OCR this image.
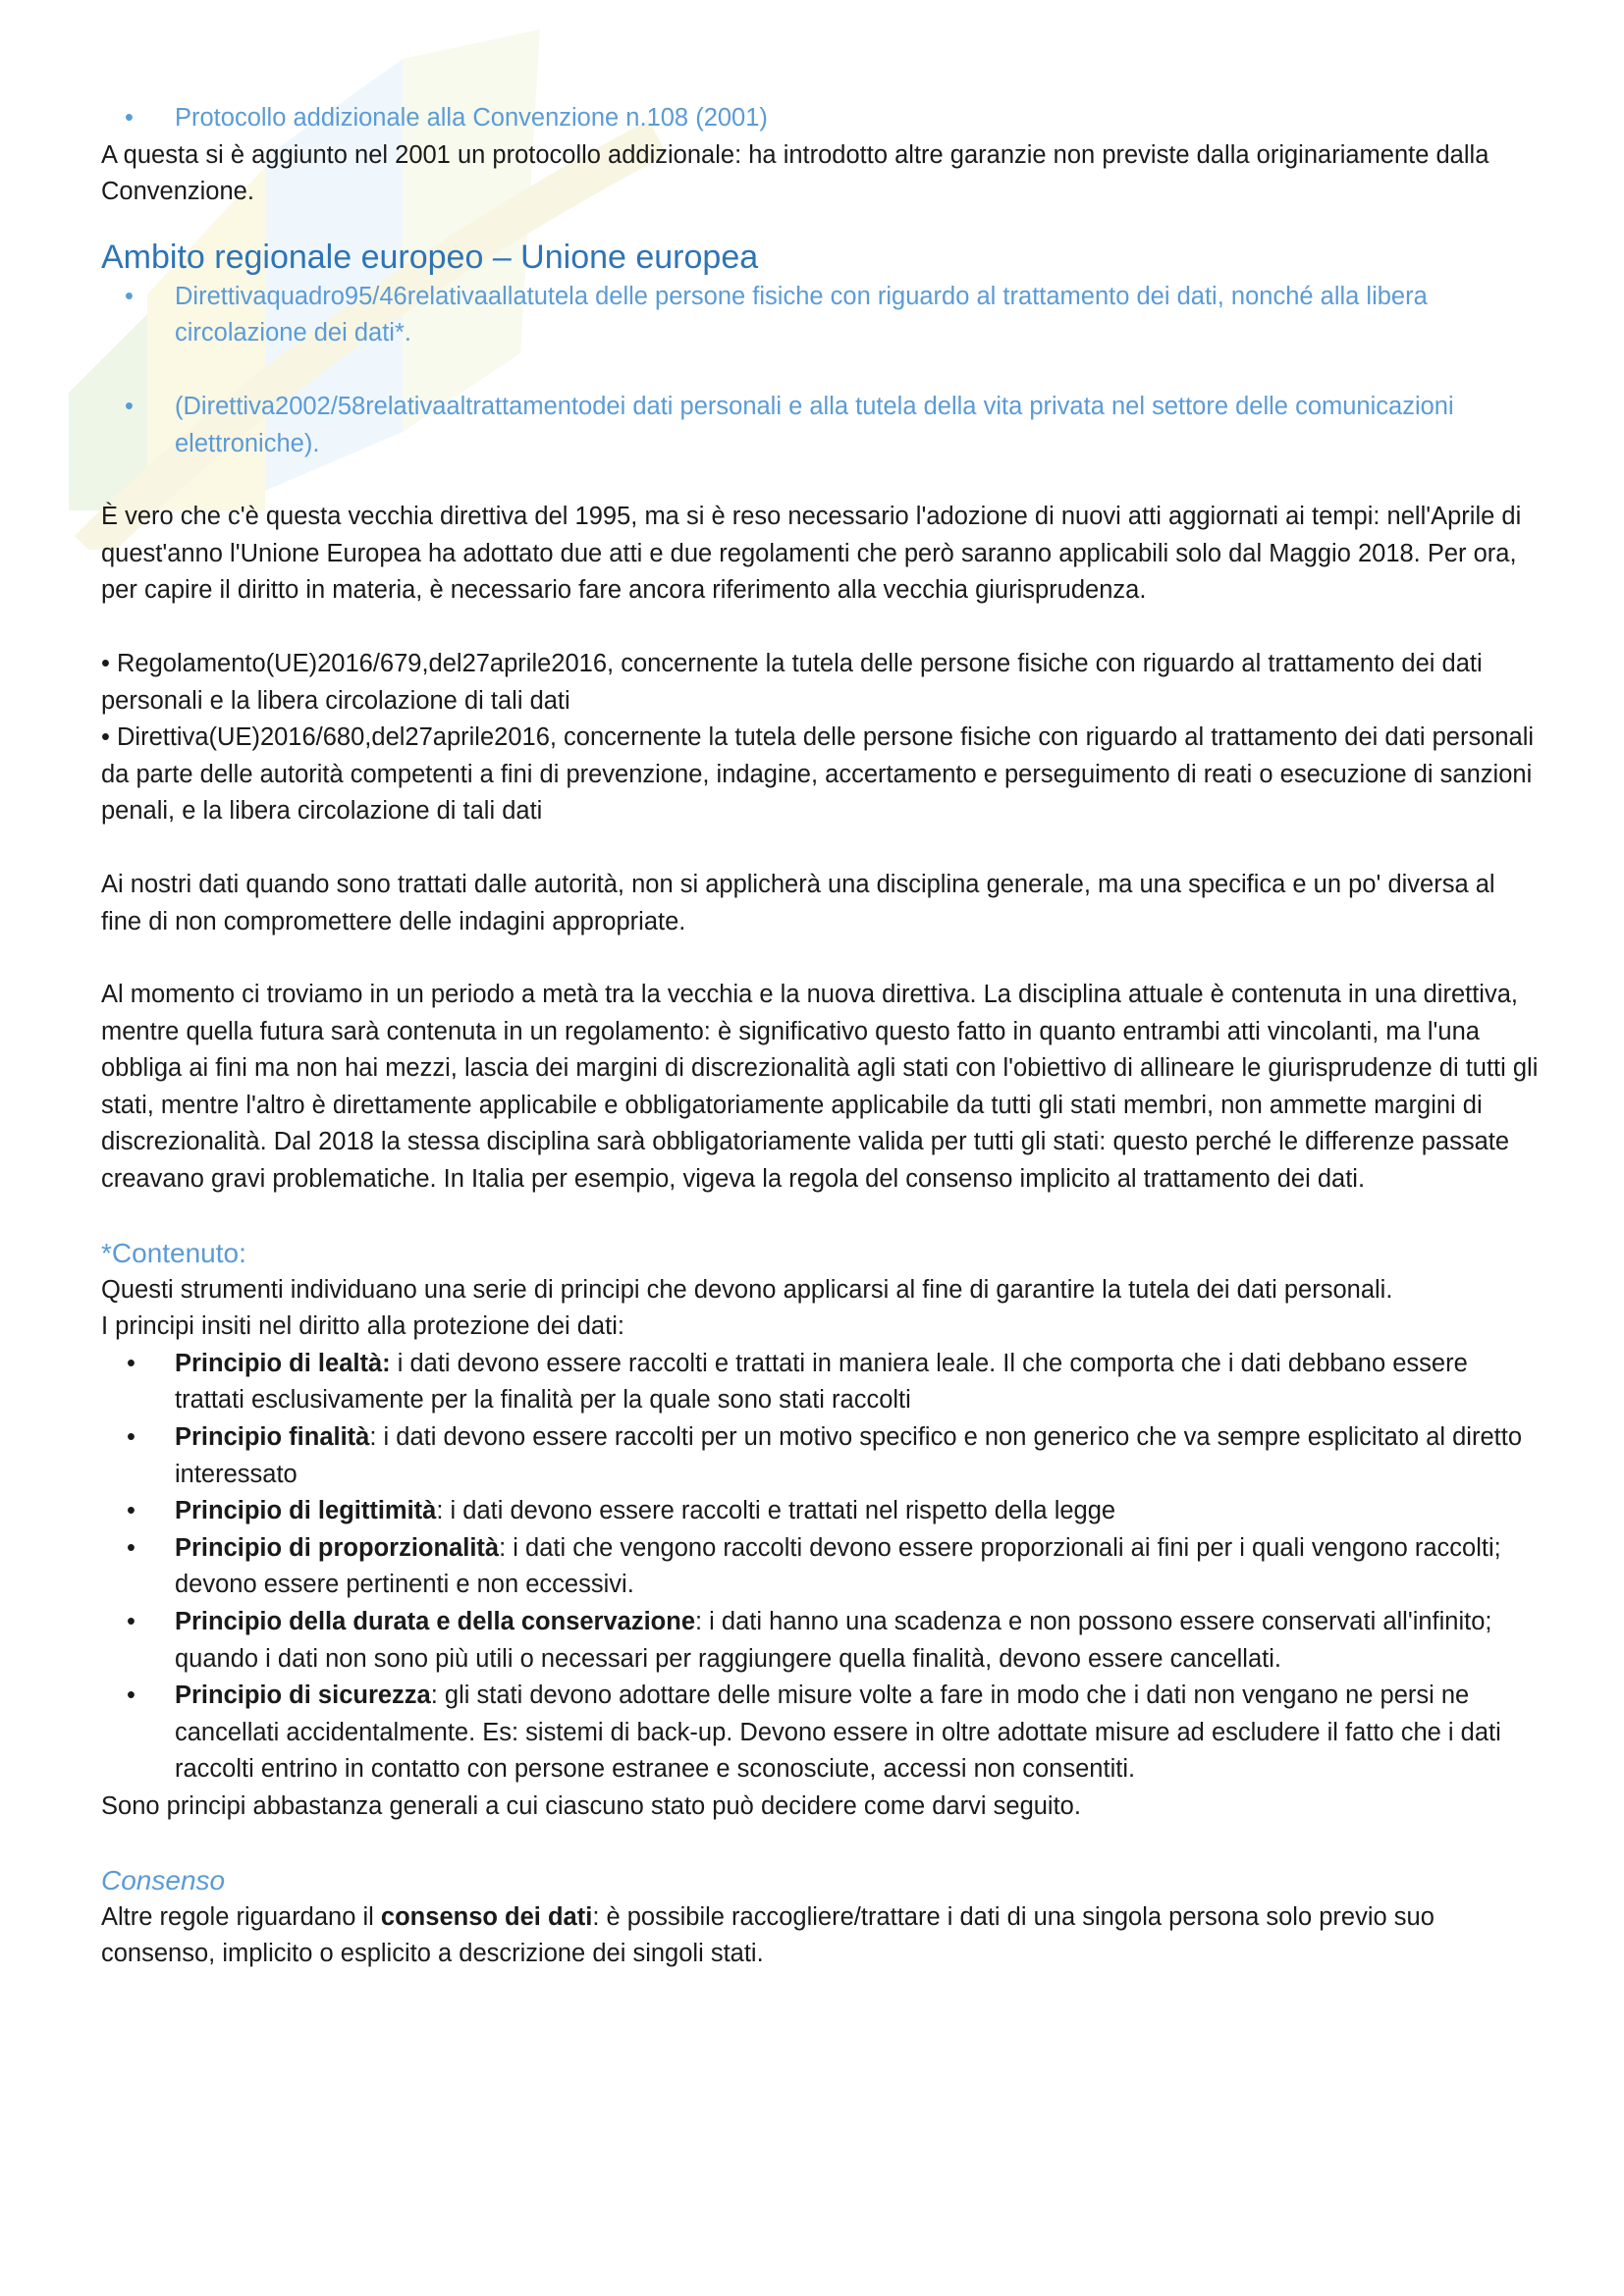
• Protocollo addizionale alla Convenzione n.108 (2001)

A questa si è aggiunto nel 2001 un protocollo addizionale: ha introdotto altre garanzie non previste dalla originariamente dalla Convenzione.

Ambito regionale europeo – Unione europea

• Direttivaquadro95/46relativaallatutela delle persone fisiche con riguardo al trattamento dei dati, nonché alla libera circolazione dei dati*.

• (Direttiva2002/58relativaaltrattamentodei dati personali e alla tutela della vita privata nel settore delle comunicazioni elettroniche).

È vero che c'è questa vecchia direttiva del 1995, ma si è reso necessario l'adozione di nuovi atti aggiornati ai tempi: nell'Aprile di quest'anno l'Unione Europea ha adottato due atti e due regolamenti che però saranno applicabili solo dal Maggio 2018. Per ora, per capire il diritto in materia, è necessario fare ancora riferimento alla vecchia giurisprudenza.

• Regolamento(UE)2016/679,del27aprile2016, concernente la tutela delle persone fisiche con riguardo al trattamento dei dati personali e la libera circolazione di tali dati

• Direttiva(UE)2016/680,del27aprile2016, concernente la tutela delle persone fisiche con riguardo al trattamento dei dati personali da parte delle autorità competenti a fini di prevenzione, indagine, accertamento e perseguimento di reati o esecuzione di sanzioni penali, e la libera circolazione di tali dati

Ai nostri dati quando sono trattati dalle autorità, non si applicherà una disciplina generale, ma una specifica e un po' diversa al fine di non compromettere delle indagini appropriate.

Al momento ci troviamo in un periodo a metà tra la vecchia e la nuova direttiva. La disciplina attuale è contenuta in una direttiva, mentre quella futura sarà contenuta in un regolamento: è significativo questo fatto in quanto entrambi atti vincolanti, ma l'una obbliga ai fini ma non hai mezzi, lascia dei margini di discrezionalità agli stati con l'obiettivo di allineare le giurisprudenze di tutti gli stati, mentre l'altro è direttamente applicabile e obbligatoriamente applicabile da tutti gli stati membri, non ammette margini di discrezionalità. Dal 2018 la stessa disciplina sarà obbligatoriamente valida per tutti gli stati: questo perché le differenze passate creavano gravi problematiche. In Italia per esempio, vigeva la regola del consenso implicito al trattamento dei dati.

*Contenuto:

Questi strumenti individuano una serie di principi che devono applicarsi al fine di garantire la tutela dei dati personali.

I principi insiti nel diritto alla protezione dei dati:

• Principio di lealtà: i dati devono essere raccolti e trattati in maniera leale. Il che comporta che i dati debbano essere trattati esclusivamente per la finalità per la quale sono stati raccolti

• Principio finalità: i dati devono essere raccolti per un motivo specifico e non generico che va sempre esplicitato al diretto interessato

• Principio di legittimità: i dati devono essere raccolti e trattati nel rispetto della legge

• Principio di proporzionalità: i dati che vengono raccolti devono essere proporzionali ai fini per i quali vengono raccolti; devono essere pertinenti e non eccessivi.

• Principio della durata e della conservazione: i dati hanno una scadenza e non possono essere conservati all'infinito; quando i dati non sono più utili o necessari per raggiungere quella finalità, devono essere cancellati.

• Principio di sicurezza: gli stati devono adottare delle misure volte a fare in modo che i dati non vengano ne persi ne cancellati accidentalmente. Es: sistemi di back-up. Devono essere in oltre adottate misure ad escludere il fatto che i dati raccolti entrino in contatto con persone estranee e sconosciute, accessi non consentiti.

Sono principi abbastanza generali a cui ciascuno stato può decidere come darvi seguito.

Consenso

Altre regole riguardano il consenso dei dati: è possibile raccogliere/trattare i dati di una singola persona solo previo suo consenso, implicito o esplicito a descrizione dei singoli stati.
